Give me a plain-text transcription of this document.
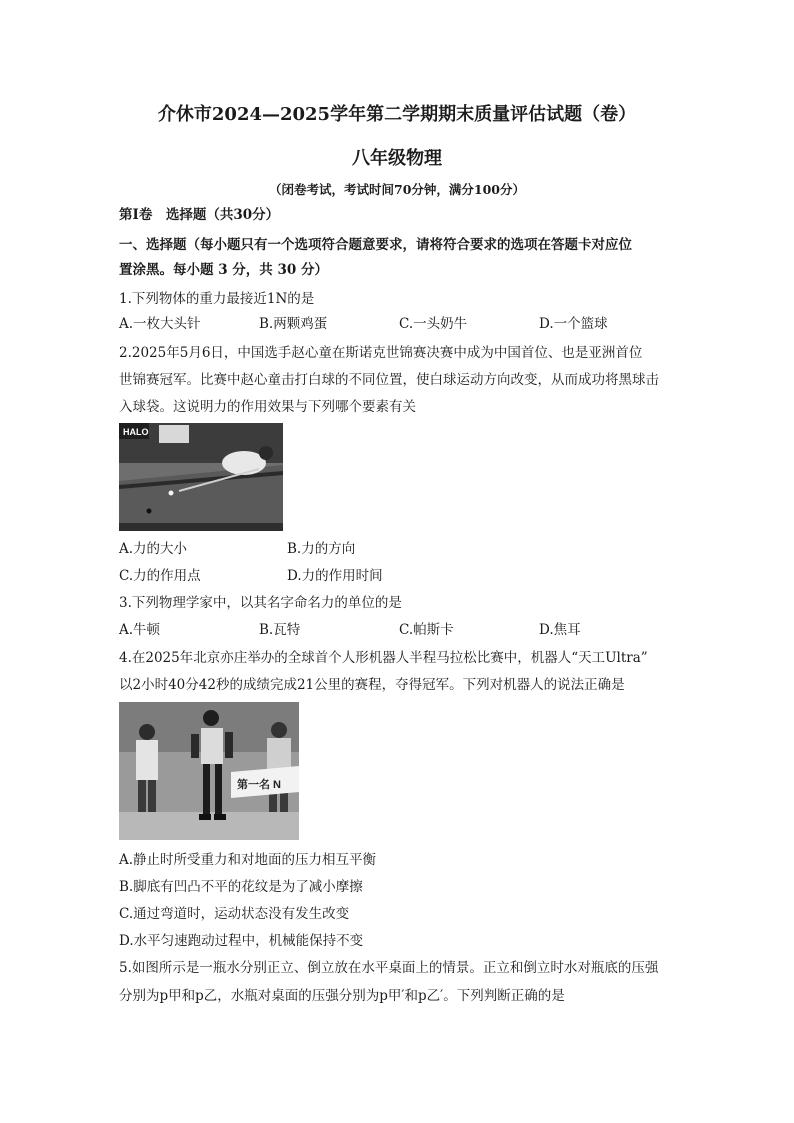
介休市2024—2025学年第二学期期末质量评估试题（卷）
八年级物理
（闭卷考试，考试时间70分钟，满分100分）
第Ⅰ卷　选择题（共30分）
一、选择题（每小题只有一个选项符合题意要求，请将符合要求的选项在答题卡对应位
置涂黑。每小题 3 分，共 30 分）
1.下列物体的重力最接近1N的是
A.一枚大头针	B.两颗鸡蛋	C.一头奶牛	D.一个篮球
2.2025年5月6日，中国选手赵心童在斯诺克世锦赛决赛中成为中国首位、也是亚洲首位
世锦赛冠军。比赛中赵心童击打白球的不同位置，使白球运动方向改变，从而成功将黑球击
入球袋。这说明力的作用效果与下列哪个要素有关
HALO
A.力的大小	B.力的方向
C.力的作用点	D.力的作用时间
3.下列物理学家中，以其名字命名力的单位的是
A.牛顿	B.瓦特	C.帕斯卡	D.焦耳
4.在2025年北京亦庄举办的全球首个人形机器人半程马拉松比赛中，机器人“天工Ultra”
以2小时40分42秒的成绩完成21公里的赛程，夺得冠军。下列对机器人的说法正确是
第一名 N
A.静止时所受重力和对地面的压力相互平衡
B.脚底有凹凸不平的花纹是为了减小摩擦
C.通过弯道时，运动状态没有发生改变
D.水平匀速跑动过程中，机械能保持不变
5.如图所示是一瓶水分别正立、倒立放在水平桌面上的情景。正立和倒立时水对瓶底的压强
分别为p甲和p乙，水瓶对桌面的压强分别为p甲′和p乙′。下列判断正确的是
